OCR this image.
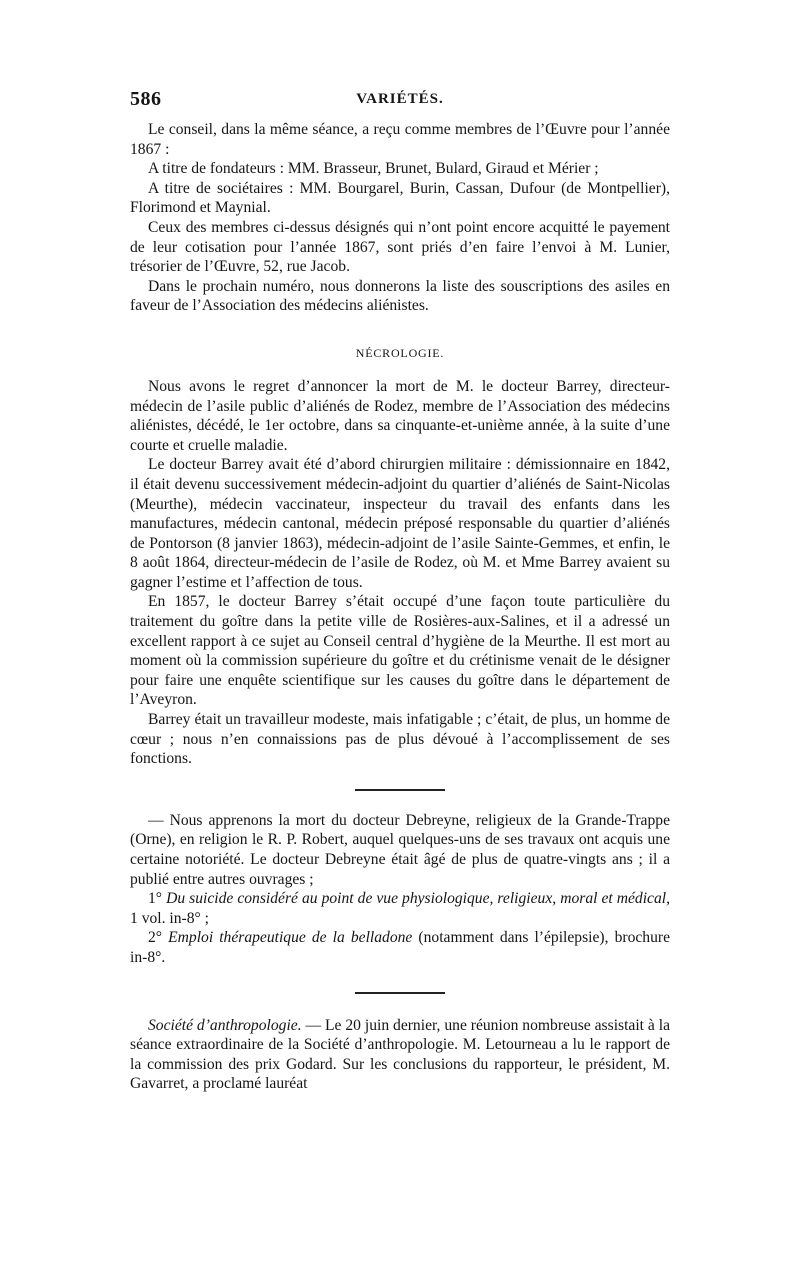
586	VARIÉTÉS.

Le conseil, dans la même séance, a reçu comme membres de l’Œuvre pour l’année 1867 :

A titre de fondateurs : MM. Brasseur, Brunet, Bulard, Giraud et Mérier ;

A titre de sociétaires : MM. Bourgarel, Burin, Cassan, Dufour (de Montpellier), Florimond et Maynial.

Ceux des membres ci-dessus désignés qui n’ont point encore acquitté le payement de leur cotisation pour l’année 1867, sont priés d’en faire l’envoi à M. Lunier, trésorier de l’Œuvre, 52, rue Jacob.

Dans le prochain numéro, nous donnerons la liste des souscriptions des asiles en faveur de l’Association des médecins aliénistes.

NÉCROLOGIE.

Nous avons le regret d’annoncer la mort de M. le docteur Barrey, directeur-médecin de l’asile public d’aliénés de Rodez, membre de l’Association des médecins aliénistes, décédé, le 1er octobre, dans sa cinquante-et-unième année, à la suite d’une courte et cruelle maladie.

Le docteur Barrey avait été d’abord chirurgien militaire : démissionnaire en 1842, il était devenu successivement médecin-adjoint du quartier d’aliénés de Saint-Nicolas (Meurthe), médecin vaccinateur, inspecteur du travail des enfants dans les manufactures, médecin cantonal, médecin préposé responsable du quartier d’aliénés de Pontorson (8 janvier 1863), médecin-adjoint de l’asile Sainte-Gemmes, et enfin, le 8 août 1864, directeur-médecin de l’asile de Rodez, où M. et Mme Barrey avaient su gagner l’estime et l’affection de tous.

En 1857, le docteur Barrey s’était occupé d’une façon toute particulière du traitement du goître dans la petite ville de Rosières-aux-Salines, et il a adressé un excellent rapport à ce sujet au Conseil central d’hygiène de la Meurthe. Il est mort au moment où la commission supérieure du goître et du crétinisme venait de le désigner pour faire une enquête scientifique sur les causes du goître dans le département de l’Aveyron.

Barrey était un travailleur modeste, mais infatigable ; c’était, de plus, un homme de cœur ; nous n’en connaissions pas de plus dévoué à l’accomplissement de ses fonctions.

— Nous apprenons la mort du docteur Debreyne, religieux de la Grande-Trappe (Orne), en religion le R. P. Robert, auquel quelques-uns de ses travaux ont acquis une certaine notoriété. Le docteur Debreyne était âgé de plus de quatre-vingts ans ; il a publié entre autres ouvrages ;

1° Du suicide considéré au point de vue physiologique, religieux, moral et médical, 1 vol. in-8° ;

2° Emploi thérapeutique de la belladone (notamment dans l’épilepsie), brochure in-8°.

Société d’anthropologie. — Le 20 juin dernier, une réunion nombreuse assistait à la séance extraordinaire de la Société d’anthropologie. M. Letourneau a lu le rapport de la commission des prix Godard. Sur les conclusions du rapporteur, le président, M. Gavarret, a proclamé lauréat
